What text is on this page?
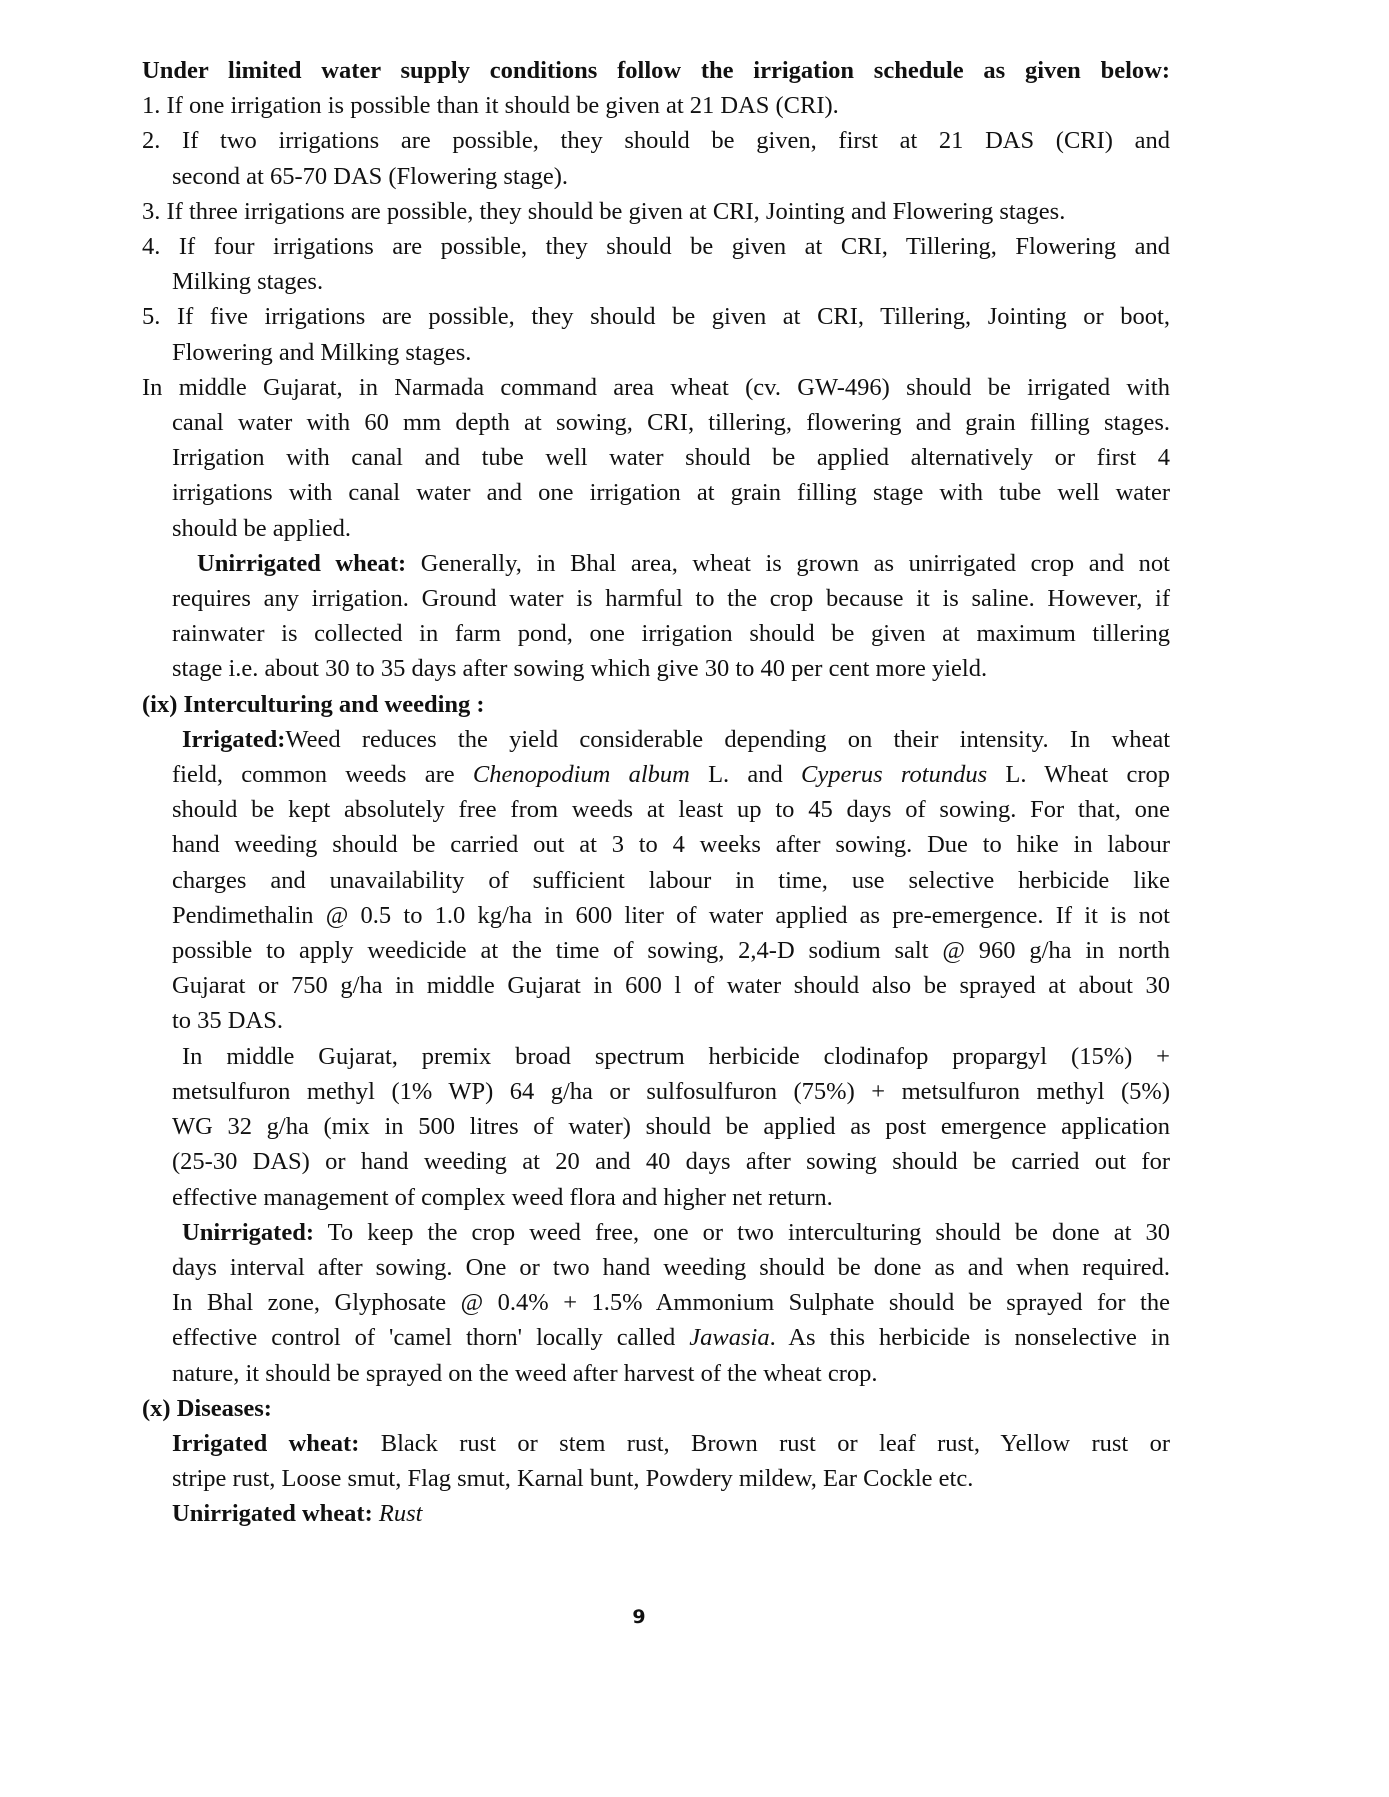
Under limited water supply conditions follow the irrigation schedule as given below:
1. If one irrigation is possible than it should be given at 21 DAS (CRI).
2. If two irrigations are possible, they should be given, first at 21 DAS (CRI) and
second at 65-70 DAS (Flowering stage).
3. If three irrigations are possible, they should be given at CRI, Jointing and Flowering stages.
4. If four irrigations are possible, they should be given at CRI, Tillering, Flowering and
Milking stages.
5. If five irrigations are possible, they should be given at CRI, Tillering, Jointing or boot,
Flowering and Milking stages.
In middle Gujarat, in Narmada command area wheat (cv. GW-496) should be irrigated with
canal water with 60 mm depth at sowing, CRI, tillering, flowering and grain filling stages.
Irrigation with canal and tube well water should be applied alternatively or first 4
irrigations with canal water and one irrigation at grain filling stage with tube well water
should be applied.
Unirrigated wheat: Generally, in Bhal area, wheat is grown as unirrigated crop and not
requires any irrigation. Ground water is harmful to the crop because it is saline. However, if
rainwater is collected in farm pond, one irrigation should be given at maximum tillering
stage i.e. about 30 to 35 days after sowing which give 30 to 40 per cent more yield.
(ix) Interculturing and weeding :
Irrigated:Weed reduces the yield considerable depending on their intensity. In wheat
field, common weeds are Chenopodium album L. and Cyperus rotundus L. Wheat crop
should be kept absolutely free from weeds at least up to 45 days of sowing. For that, one
hand weeding should be carried out at 3 to 4 weeks after sowing. Due to hike in labour
charges and unavailability of sufficient labour in time, use selective herbicide like
Pendimethalin @ 0.5 to 1.0 kg/ha in 600 liter of water applied as pre-emergence. If it is not
possible to apply weedicide at the time of sowing, 2,4-D sodium salt @ 960 g/ha in north
Gujarat or 750 g/ha in middle Gujarat in 600 l of water should also be sprayed at about 30
to 35 DAS.
In middle Gujarat, premix broad spectrum herbicide clodinafop propargyl (15%) +
metsulfuron methyl (1% WP) 64 g/ha or sulfosulfuron (75%) + metsulfuron methyl (5%)
WG 32 g/ha (mix in 500 litres of water) should be applied as post emergence application
(25-30 DAS) or hand weeding at 20 and 40 days after sowing should be carried out for
effective management of complex weed flora and higher net return.
Unirrigated: To keep the crop weed free, one or two interculturing should be done at 30
days interval after sowing. One or two hand weeding should be done as and when required.
In Bhal zone, Glyphosate @ 0.4% + 1.5% Ammonium Sulphate should be sprayed for the
effective control of 'camel thorn' locally called Jawasia. As this herbicide is nonselective in
nature, it should be sprayed on the weed after harvest of the wheat crop.
(x) Diseases:
Irrigated wheat: Black rust or stem rust, Brown rust or leaf rust, Yellow rust or
stripe rust, Loose smut, Flag smut, Karnal bunt, Powdery mildew, Ear Cockle etc.
Unirrigated wheat: Rust
9
